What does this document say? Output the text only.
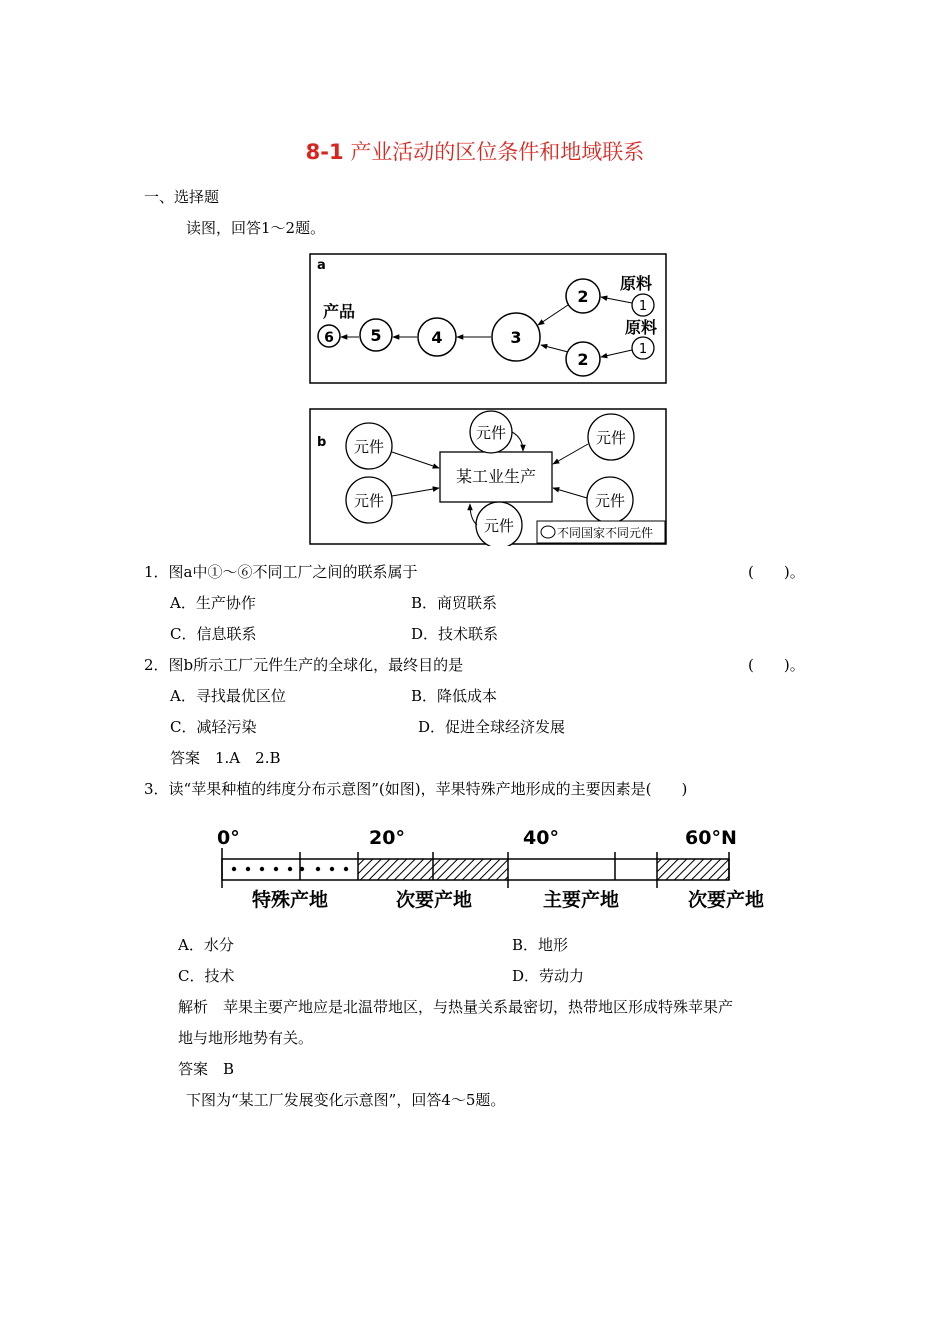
8-1 产业活动的区位条件和地域联系
一、选择题
读图，回答1～2题。
a
产品
原料
原料
1
1
2
2
3
4
5
6
b
某工业生产
元件
元件
元件
元件
元件
元件
不同国家不同元件
1．图a中①～⑥不同工厂之间的联系属于	(　　)。
A．生产协作	B．商贸联系
C．信息联系	D．技术联系
2．图b所示工厂元件生产的全球化，最终目的是	(　　)。
A．寻找最优区位	B．降低成本
C．减轻污染	D．促进全球经济发展
答案　1.A　2.B
3．读“苹果种植的纬度分布示意图”(如图)，苹果特殊产地形成的主要因素是(　　)
0°	20°	40°	60°N
特殊产地	次要产地	主要产地	次要产地
A．水分	B．地形
C．技术	D．劳动力
解析 苹果主要产地应是北温带地区，与热量关系最密切，热带地区形成特殊苹果产
地与地形地势有关。
答案　B
下图为“某工厂发展变化示意图”，回答4～5题。
